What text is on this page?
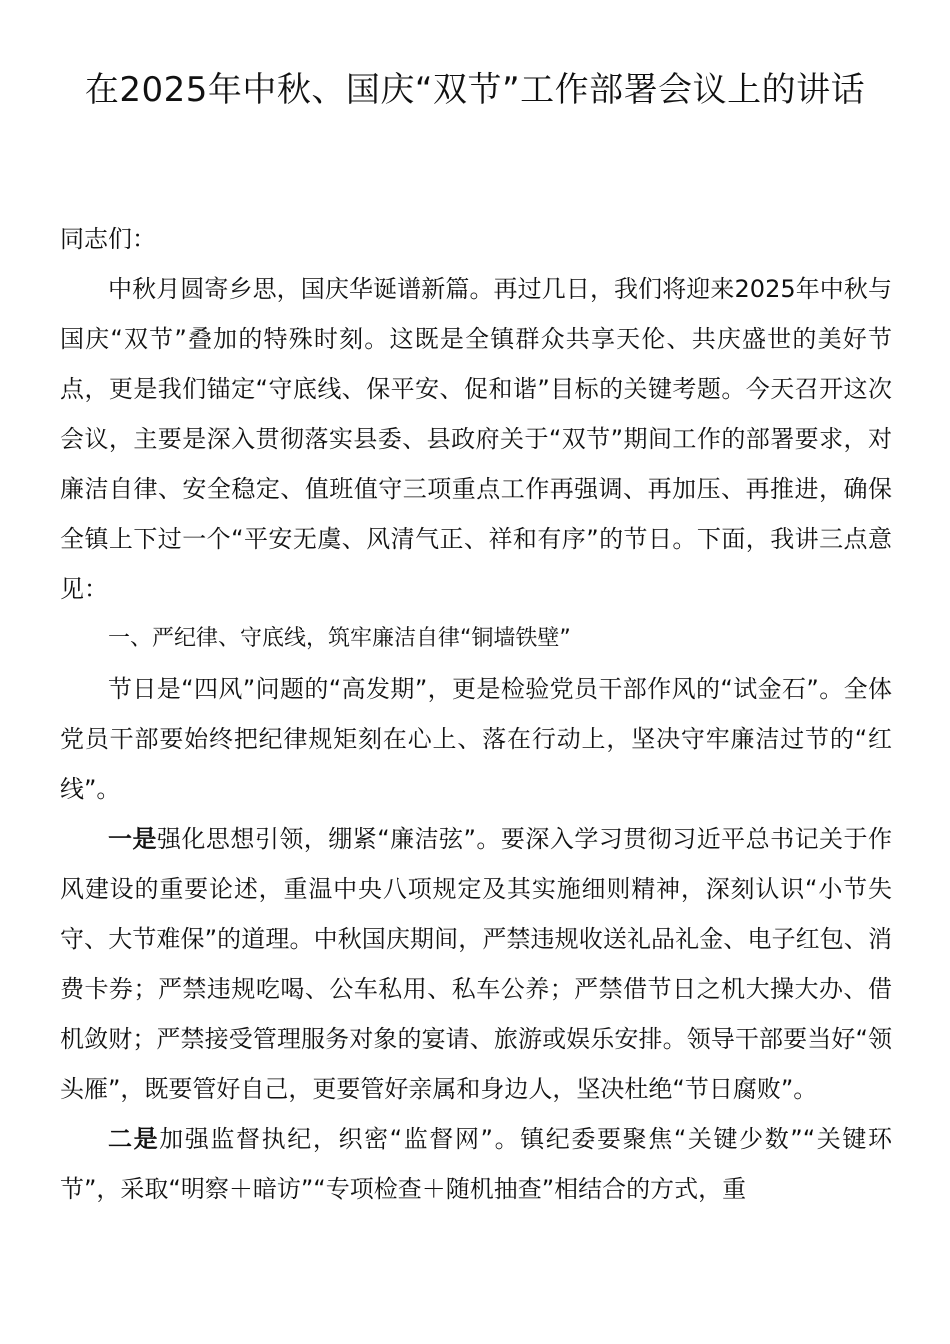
在2025年中秋、国庆“双节”工作部署会议上的讲话

同志们：

中秋月圆寄乡思，国庆华诞谱新篇。再过几日，我们将迎来2025年中秋与国庆“双节”叠加的特殊时刻。这既是全镇群众共享天伦、共庆盛世的美好节点，更是我们锚定“守底线、保平安、促和谐”目标的关键考题。今天召开这次会议，主要是深入贯彻落实县委、县政府关于“双节”期间工作的部署要求，对廉洁自律、安全稳定、值班值守三项重点工作再强调、再加压、再推进，确保全镇上下过一个“平安无虞、风清气正、祥和有序”的节日。下面，我讲三点意见：

一、严纪律、守底线，筑牢廉洁自律“铜墙铁壁”

节日是“四风”问题的“高发期”，更是检验党员干部作风的“试金石”。全体党员干部要始终把纪律规矩刻在心上、落在行动上，坚决守牢廉洁过节的“红线”。

一是强化思想引领，绷紧“廉洁弦”。要深入学习贯彻习近平总书记关于作风建设的重要论述，重温中央八项规定及其实施细则精神，深刻认识“小节失守、大节难保”的道理。中秋国庆期间，严禁违规收送礼品礼金、电子红包、消费卡券；严禁违规吃喝、公车私用、私车公养；严禁借节日之机大操大办、借机敛财；严禁接受管理服务对象的宴请、旅游或娱乐安排。领导干部要当好“领头雁”，既要管好自己，更要管好亲属和身边人，坚决杜绝“节日腐败”。

二是加强监督执纪，织密“监督网”。镇纪委要聚焦“关键少数”“关键环节”，采取“明察＋暗访”“专项检查＋随机抽查”相结合的方式，重
